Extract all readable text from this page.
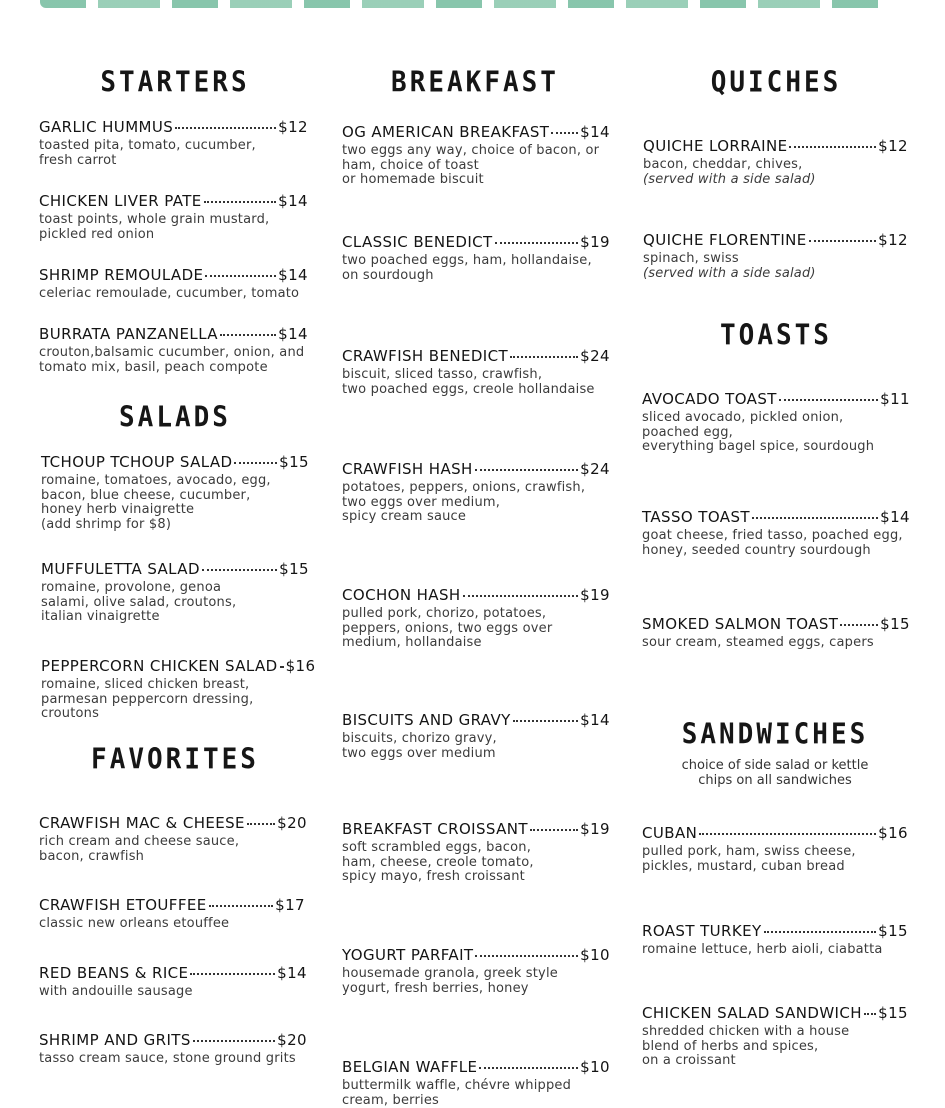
STARTERS
GARLIC HUMMUS	$12
toasted pita, tomato, cucumber,
fresh carrot
CHICKEN LIVER PATE	$14
toast points, whole grain mustard,
pickled red onion
SHRIMP REMOULADE	$14
celeriac remoulade, cucumber, tomato
BURRATA PANZANELLA	$14
crouton,balsamic cucumber, onion, and
tomato mix, basil, peach compote
SALADS
TCHOUP TCHOUP SALAD	$15
romaine, tomatoes, avocado, egg,
bacon, blue cheese, cucumber,
honey herb vinaigrette
(add shrimp for $8)
MUFFULETTA SALAD	$15
romaine, provolone, genoa
salami, olive salad, croutons,
italian vinaigrette
PEPPERCORN CHICKEN SALAD $16
romaine, sliced chicken breast,
parmesan peppercorn dressing,
croutons
FAVORITES
CRAWFISH MAC & CHEESE $20
rich cream and cheese sauce,
bacon, crawfish
CRAWFISH ETOUFFEE	$17
classic new orleans etouffee
RED BEANS & RICE	$14
with andouille sausage
SHRIMP AND GRITS	$20
tasso cream sauce, stone ground grits
BREAKFAST
OG AMERICAN BREAKFAST $14
two eggs any way, choice of bacon, or
ham, choice of toast
or homemade biscuit
CLASSIC BENEDICT	$19
two poached eggs, ham, hollandaise,
on sourdough
CRAWFISH BENEDICT	$24
biscuit, sliced tasso, crawfish,
two poached eggs, creole hollandaise
CRAWFISH HASH	$24
potatoes, peppers, onions, crawfish,
two eggs over medium,
spicy cream sauce
COCHON HASH	$19
pulled pork, chorizo, potatoes,
peppers, onions, two eggs over
medium, hollandaise
BISCUITS AND GRAVY	$14
biscuits, chorizo gravy,
two eggs over medium
BREAKFAST CROISSANT	$19
soft scrambled eggs, bacon,
ham, cheese, creole tomato,
spicy mayo, fresh croissant
YOGURT PARFAIT	$10
housemade granola, greek style
yogurt, fresh berries, honey
BELGIAN WAFFLE	$10
buttermilk waffle, chévre whipped
cream, berries
QUICHES
QUICHE LORRAINE	$12
bacon, cheddar, chives,
(served with a side salad)
QUICHE FLORENTINE	$12
spinach, swiss
(served with a side salad)
TOASTS
AVOCADO TOAST	$11
sliced avocado, pickled onion,
poached egg,
everything bagel spice, sourdough
TASSO TOAST	$14
goat cheese, fried tasso, poached egg,
honey, seeded country sourdough
SMOKED SALMON TOAST	$15
sour cream, steamed eggs, capers
SANDWICHES
choice of side salad or kettle
chips on all sandwiches
CUBAN	$16
pulled pork, ham, swiss cheese,
pickles, mustard, cuban bread
ROAST TURKEY	$15
romaine lettuce, herb aioli, ciabatta
CHICKEN SALAD SANDWICH $15
shredded chicken with a house
blend of herbs and spices,
on a croissant
